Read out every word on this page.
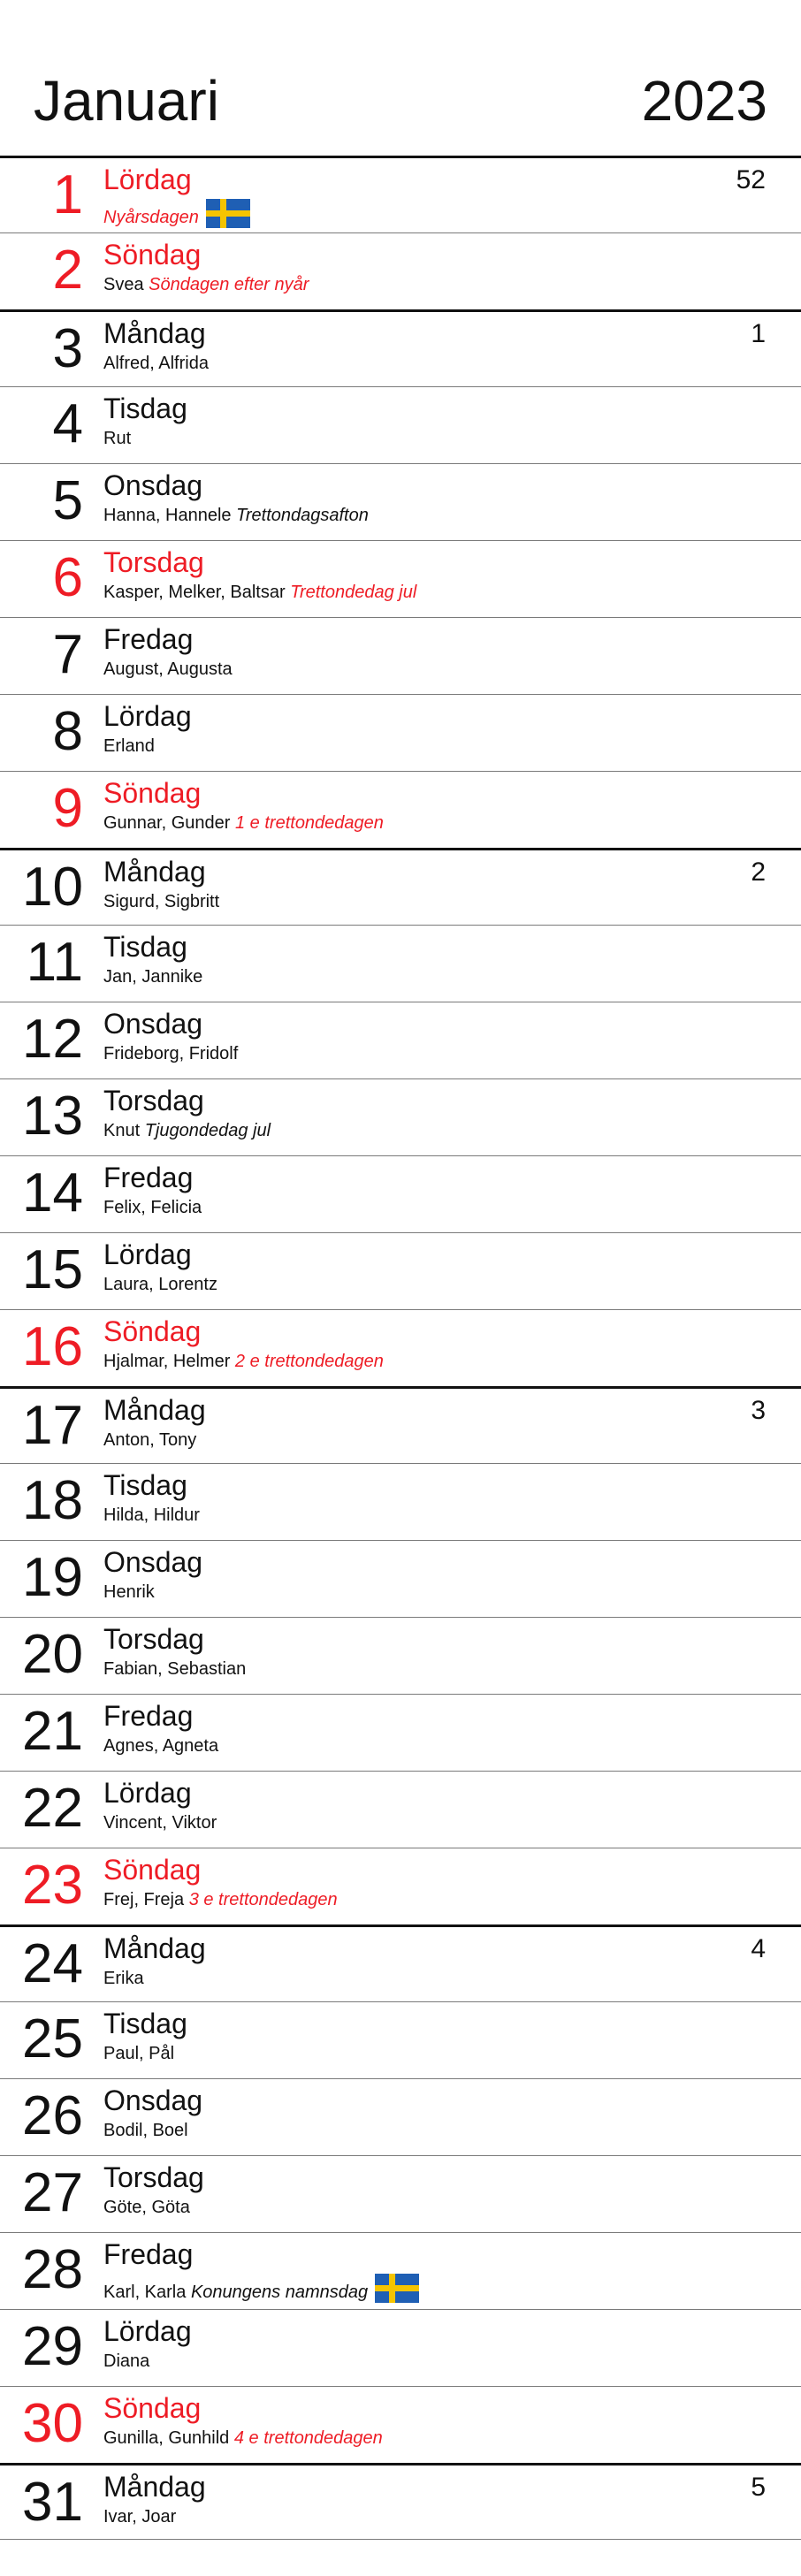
Januari	2023
1 Lördag
Nyårsdagen
52
2 Söndag
Svea Söndagen efter nyår
3 Måndag
Alfred, Alfrida
1
4 Tisdag
Rut
5 Onsdag
Hanna, Hannele Trettondagsafton
6 Torsdag
Kasper, Melker, Baltsar Trettondedag jul
7 Fredag
August, Augusta
8 Lördag
Erland
9 Söndag
Gunnar, Gunder 1 e trettondedagen
10 Måndag
Sigurd, Sigbritt
2
11 Tisdag
Jan, Jannike
12 Onsdag
Frideborg, Fridolf
13 Torsdag
Knut Tjugondedag jul
14 Fredag
Felix, Felicia
15 Lördag
Laura, Lorentz
16 Söndag
Hjalmar, Helmer 2 e trettondedagen
17 Måndag
Anton, Tony
3
18 Tisdag
Hilda, Hildur
19 Onsdag
Henrik
20 Torsdag
Fabian, Sebastian
21 Fredag
Agnes, Agneta
22 Lördag
Vincent, Viktor
23 Söndag
Frej, Freja 3 e trettondedagen
24 Måndag
Erika
4
25 Tisdag
Paul, Pål
26 Onsdag
Bodil, Boel
27 Torsdag
Göte, Göta
28 Fredag
Karl, Karla Konungens namnsdag
29 Lördag
Diana
30 Söndag
Gunilla, Gunhild 4 e trettondedagen
31 Måndag
Ivar, Joar
5
